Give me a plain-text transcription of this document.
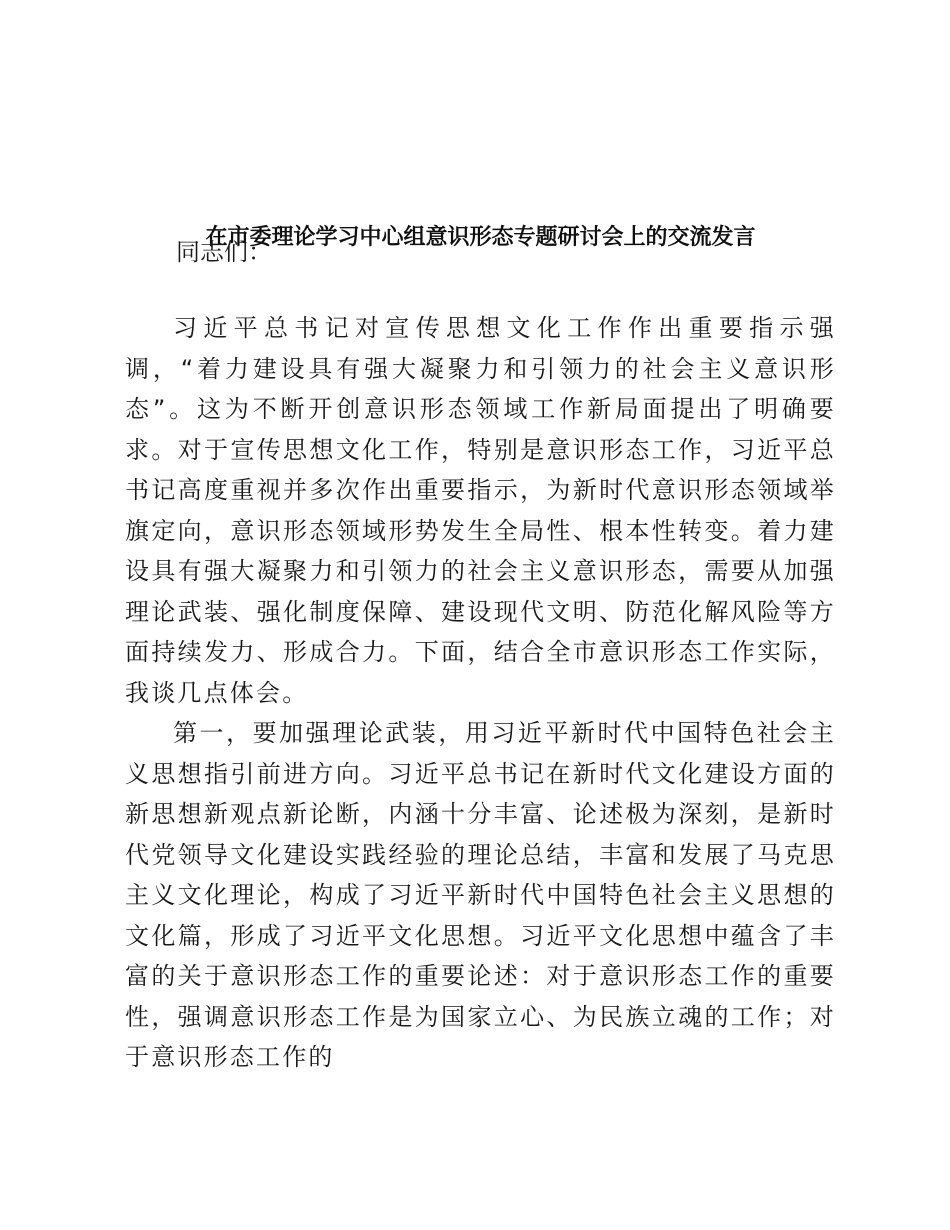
在市委理论学习中心组意识形态专题研讨会上的交流发言
同志们：

习近平总书记对宣传思想文化工作作出重要指示强调，“着力建设具有强大凝聚力和引领力的社会主义意识形态”。这为不断开创意识形态领域工作新局面提出了明确要求。对于宣传思想文化工作，特别是意识形态工作，习近平总书记高度重视并多次作出重要指示，为新时代意识形态领域举旗定向，意识形态领域形势发生全局性、根本性转变。着力建设具有强大凝聚力和引领力的社会主义意识形态，需要从加强理论武装、强化制度保障、建设现代文明、防范化解风险等方面持续发力、形成合力。下面，结合全市意识形态工作实际，我谈几点体会。

第一，要加强理论武装，用习近平新时代中国特色社会主义思想指引前进方向。习近平总书记在新时代文化建设方面的新思想新观点新论断，内涵十分丰富、论述极为深刻，是新时代党领导文化建设实践经验的理论总结，丰富和发展了马克思主义文化理论，构成了习近平新时代中国特色社会主义思想的文化篇，形成了习近平文化思想。习近平文化思想中蕴含了丰富的关于意识形态工作的重要论述：对于意识形态工作的重要性，强调意识形态工作是为国家立心、为民族立魂的工作；对于意识形态工作的
